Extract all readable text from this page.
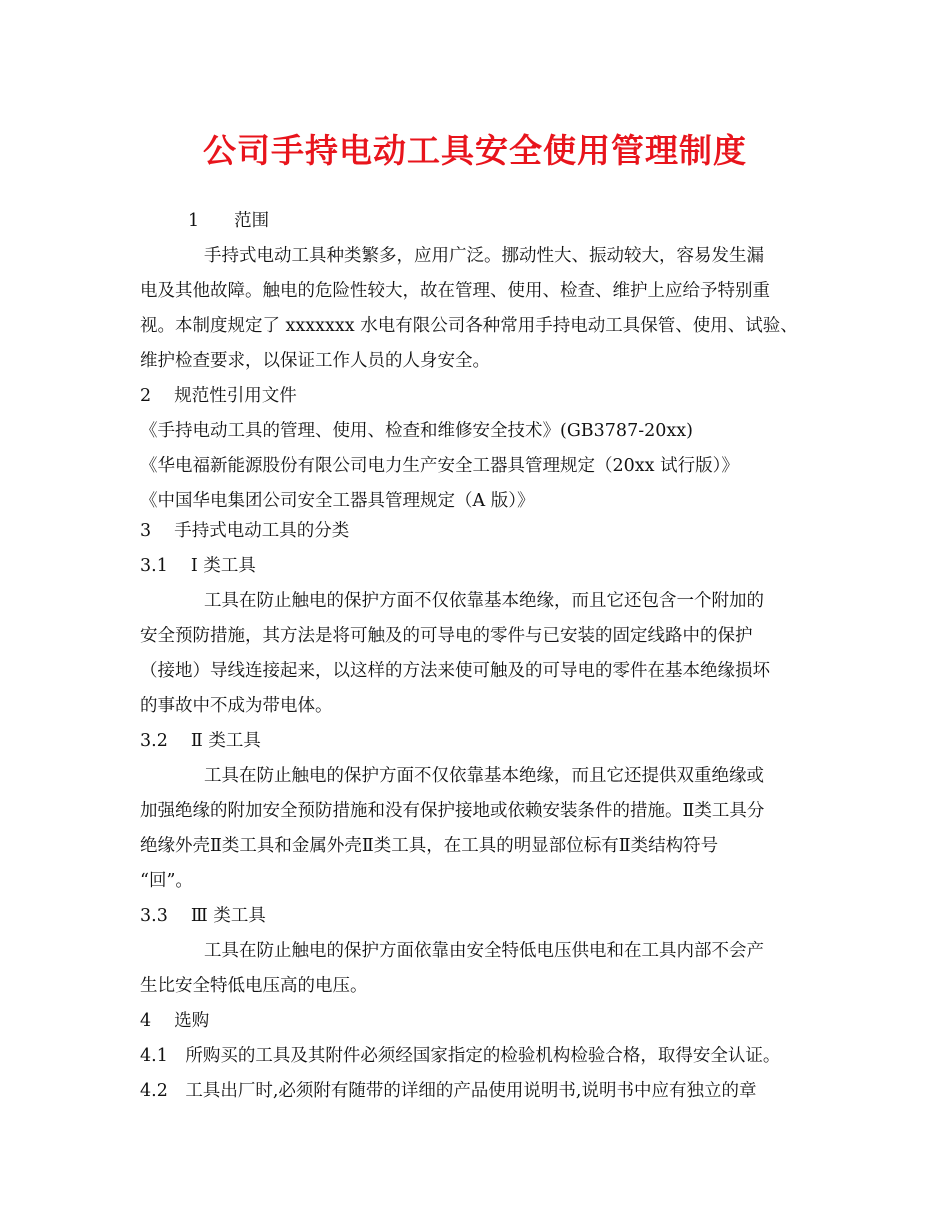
公司手持电动工具安全使用管理制度
1　　范围
手持式电动工具种类繁多，应用广泛。挪动性大、振动较大，容易发生漏
电及其他故障。触电的危险性较大，故在管理、使用、检查、维护上应给予特别重
视。本制度规定了 xxxxxxx 水电有限公司各种常用手持电动工具保管、使用、试验、
维护检查要求，以保证工作人员的人身安全。
2　 规范性引用文件
《手持电动工具的管理、使用、检查和维修安全技术》(GB3787-20xx)
《华电福新能源股份有限公司电力生产安全工器具管理规定（20xx 试行版）》
《中国华电集团公司安全工器具管理规定（A 版）》
3　 手持式电动工具的分类
3.1　 Ⅰ 类工具
工具在防止触电的保护方面不仅依靠基本绝缘，而且它还包含一个附加的
安全预防措施，其方法是将可触及的可导电的零件与已安装的固定线路中的保护
（接地）导线连接起来，以这样的方法来使可触及的可导电的零件在基本绝缘损坏
的事故中不成为带电体。
3.2　 Ⅱ 类工具
工具在防止触电的保护方面不仅依靠基本绝缘，而且它还提供双重绝缘或
加强绝缘的附加安全预防措施和没有保护接地或依赖安装条件的措施。Ⅱ类工具分
绝缘外壳Ⅱ类工具和金属外壳Ⅱ类工具，在工具的明显部位标有Ⅱ类结构符号
“回”。
3.3　 Ⅲ 类工具
工具在防止触电的保护方面依靠由安全特低电压供电和在工具内部不会产
生比安全特低电压高的电压。
4　 选购
4.1　所购买的工具及其附件必须经国家指定的检验机构检验合格，取得安全认证。
4.2　工具出厂时,必须附有随带的详细的产品使用说明书,说明书中应有独立的章
